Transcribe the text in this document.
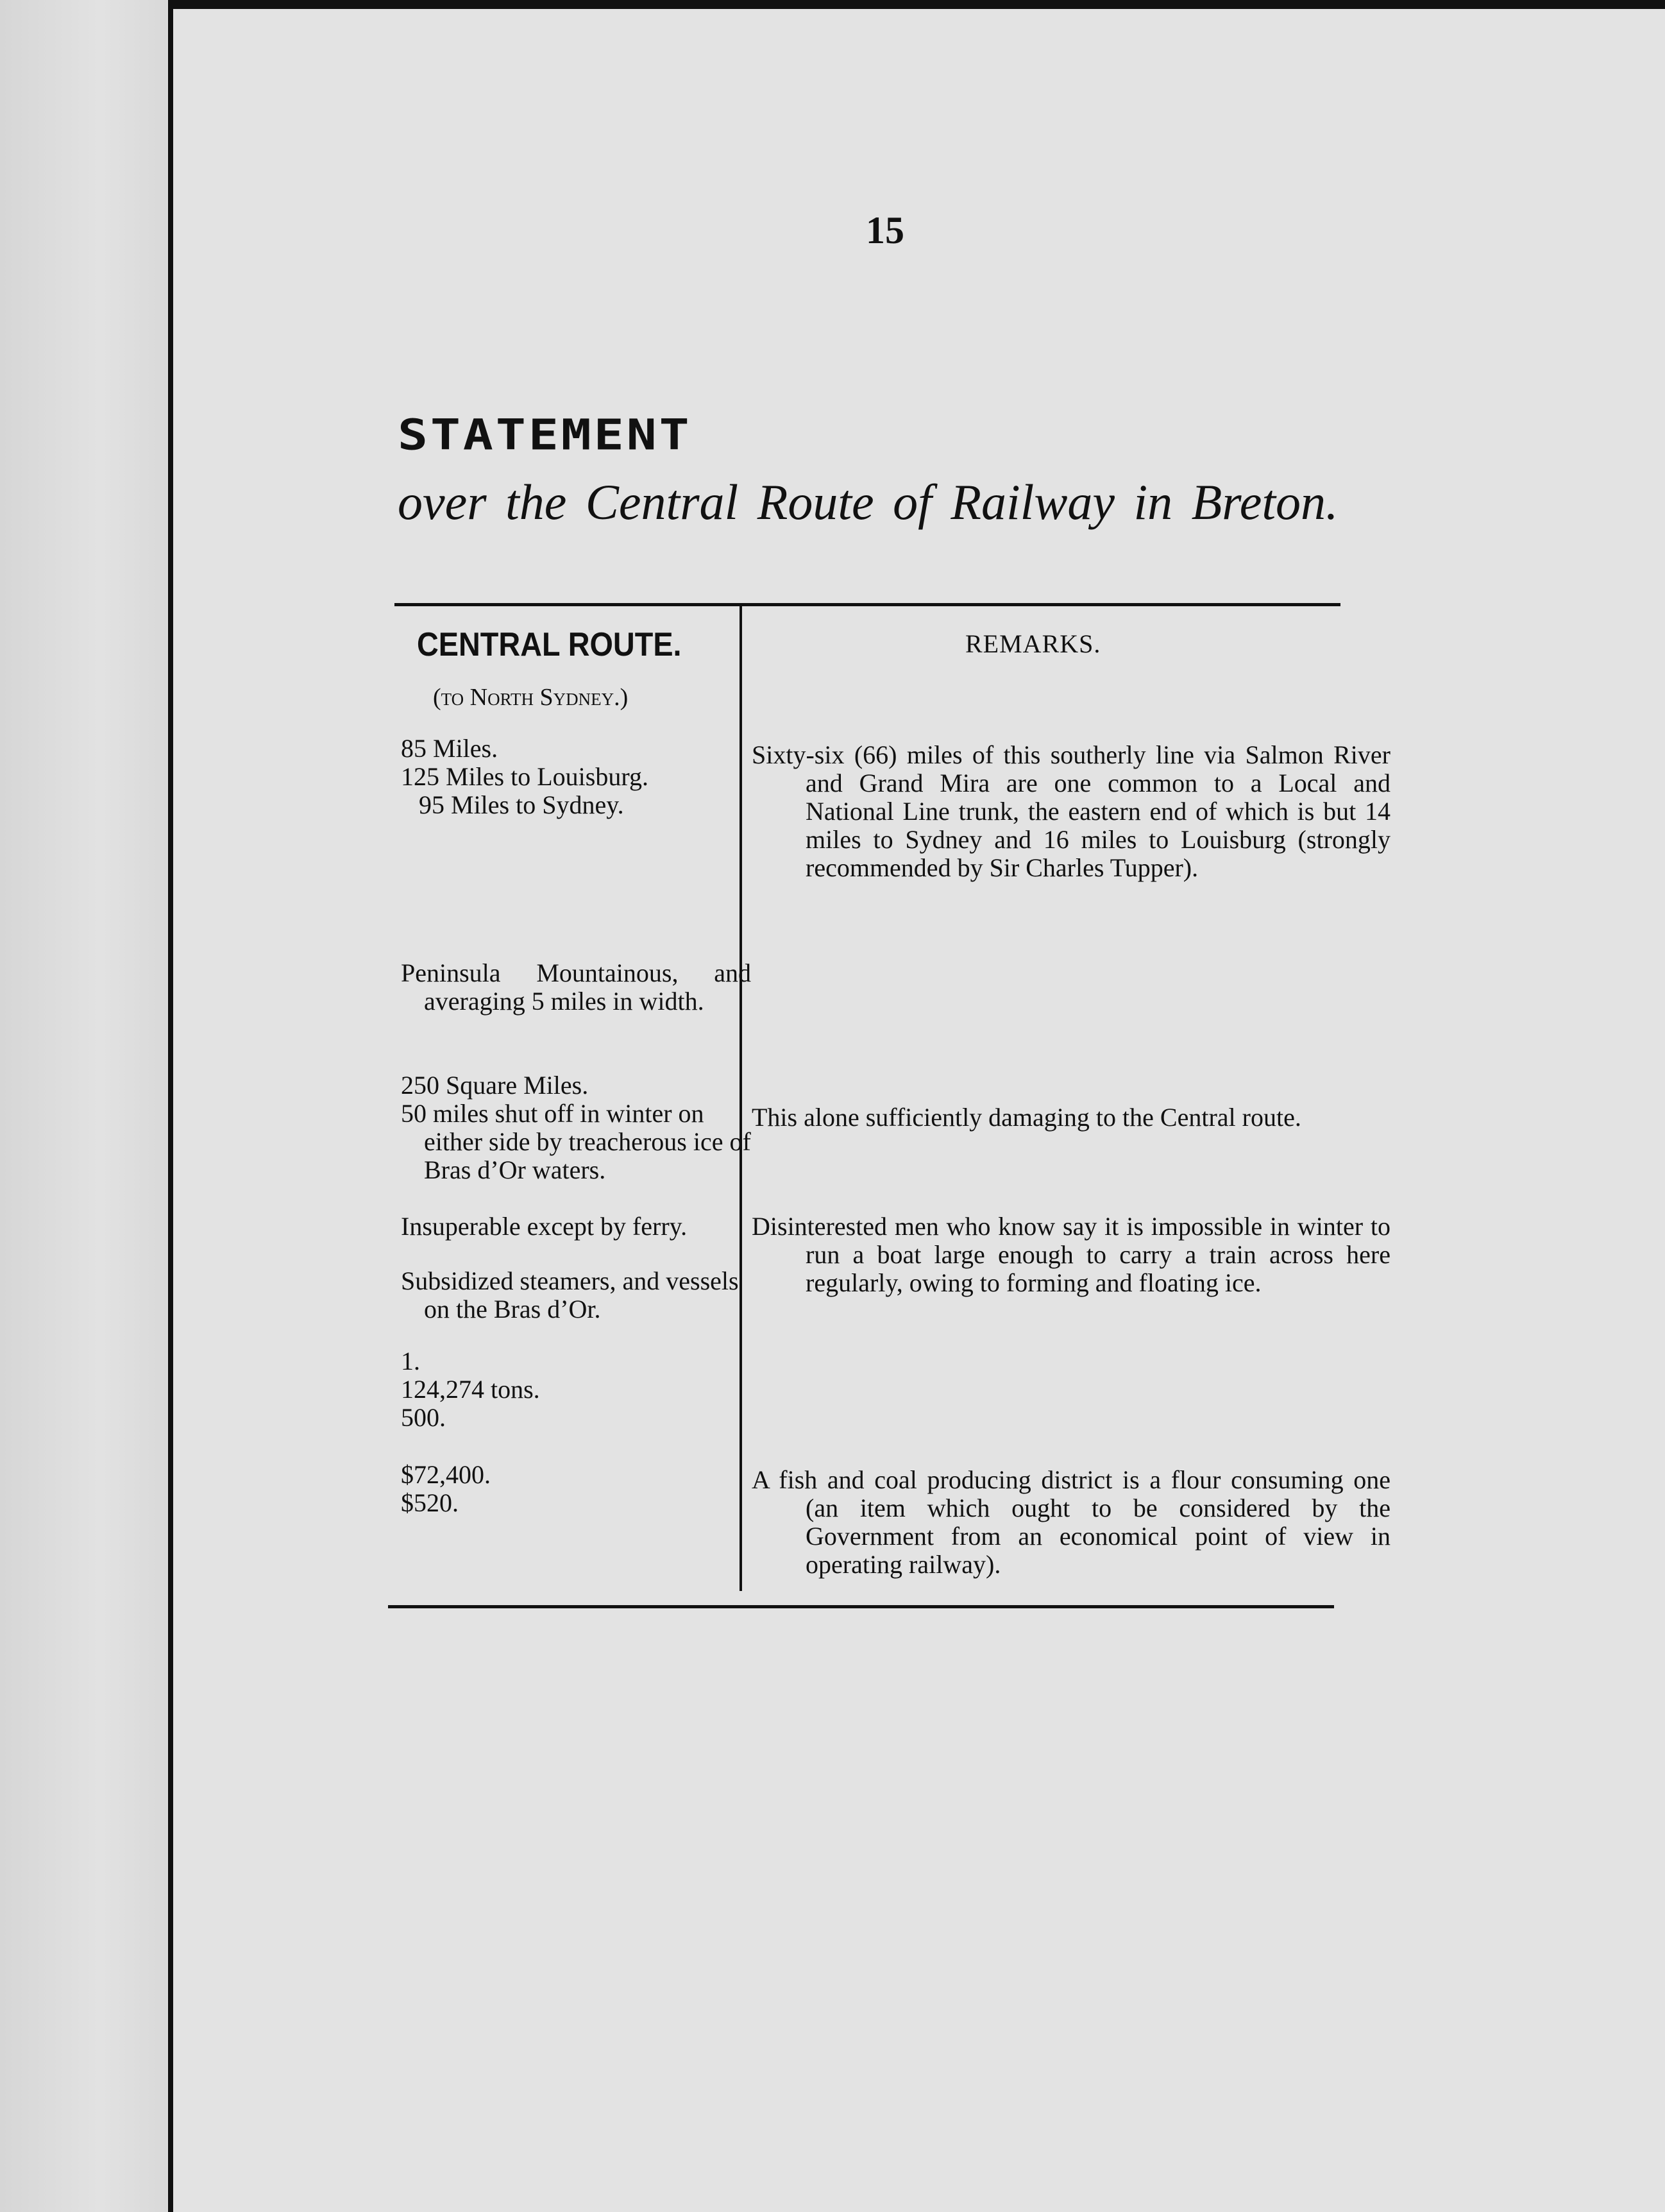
15
STATEMENT
over the Central Route of Railway in Breton.
CENTRAL ROUTE.
(to North Sydney.)
REMARKS.
85 Miles.
125 Miles to Louisburg.
95 Miles to Sydney.
Peninsula Mountainous, and averaging 5 miles in width.
250 Square Miles.
50 miles shut off in winter on either side by treacherous ice of Bras d’Or waters.
Insuperable except by ferry.
Subsidized steamers, and vessels on the Bras d’Or.
1.
124,274 tons.
500.
$72,400.
$520.
Sixty-six (66) miles of this southerly line via Salmon River and Grand Mira are one common to a Local and National Line trunk, the eastern end of which is but 14 miles to Sydney and 16 miles to Louisburg (strongly recommended by Sir Charles Tupper).
This alone sufficiently damaging to the Central route.
Disinterested men who know say it is impossible in winter to run a boat large enough to carry a train across here regularly, owing to forming and floating ice.
A fish and coal producing district is a flour consuming one (an item which ought to be considered by the Government from an economical point of view in operating railway).
